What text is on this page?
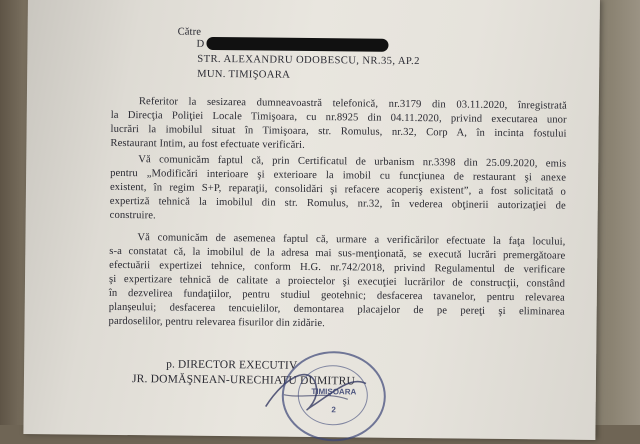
Către
D
STR. ALEXANDRU ODOBESCU, NR.35, AP.2
MUN. TIMIŞOARA
Referitor la sesizarea dumneavoastră telefonică, nr.3179 din 03.11.2020, înregistrată
la Direcţia Poliţiei Locale Timişoara, cu nr.8925 din 04.11.2020, privind executarea unor
lucrări la imobilul situat în Timişoara, str. Romulus, nr.32, Corp A, în incinta fostului
Restaurant Intim, au fost efectuate verificări.
Vă comunicăm faptul că, prin Certificatul de urbanism nr.3398 din 25.09.2020, emis
pentru „Modificări interioare şi exterioare la imobil cu funcţiunea de restaurant şi anexe
existent, în regim S+P, reparaţii, consolidări şi refacere acoperiş existent”, a fost solicitată o
expertiză tehnică la imobilul din str. Romulus, nr.32, în vederea obţinerii autorizaţiei de
construire.
Vă comunicăm de asemenea faptul că, urmare a verificărilor efectuate la faţa locului,
s-a constatat că, la imobilul de la adresa mai sus-menţionată, se execută lucrări premergătoare
efectuării expertizei tehnice, conform H.G. nr.742/2018, privind Regulamentul de verificare
şi expertizare tehnică de calitate a proiectelor şi execuţiei lucrărilor de construcţii, constând
în dezvelirea fundaţiilor, pentru studiul geotehnic; desfacerea tavanelor, pentru relevarea
planşeului; desfacerea tencuielilor, demontarea placajelor de pe pereţi şi eliminarea
pardoselilor, pentru relevarea fisurilor din zidărie.
p. DIRECTOR EXECUTIV
JR. DOMĂŞNEAN-URECHIATU DUMITRU
TIMIŞOARA
2
